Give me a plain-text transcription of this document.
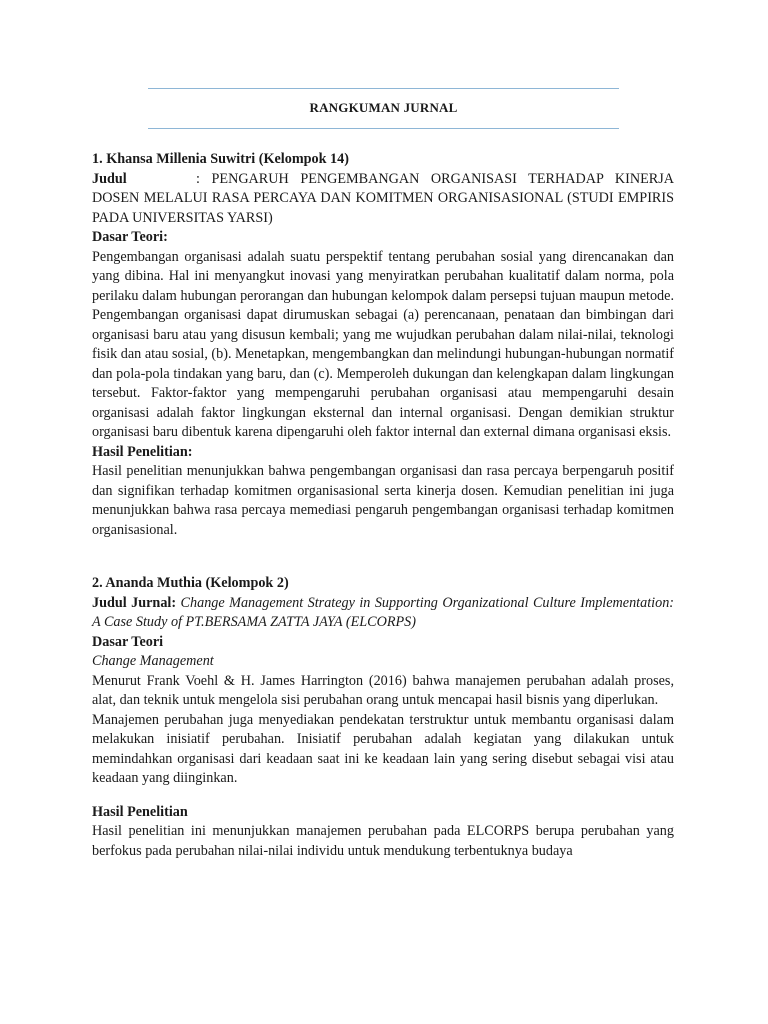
RANGKUMAN JURNAL

1. Khansa Millenia Suwitri (Kelompok 14)

Judul	: PENGARUH PENGEMBANGAN ORGANISASI TERHADAP KINERJA DOSEN MELALUI RASA PERCAYA DAN KOMITMEN ORGANISASIONAL (STUDI EMPIRIS PADA UNIVERSITAS YARSI)

Dasar Teori:

Pengembangan organisasi adalah suatu perspektif tentang perubahan sosial yang direncanakan dan yang dibina. Hal ini menyangkut inovasi yang menyiratkan perubahan kualitatif dalam norma, pola perilaku dalam hubungan perorangan dan hubungan kelompok dalam persepsi tujuan maupun metode. Pengembangan organisasi dapat dirumuskan sebagai (a) perencanaan, penataan dan bimbingan dari organisasi baru atau yang disusun kembali; yang me wujudkan perubahan dalam nilai-nilai, teknologi fisik dan atau sosial, (b). Menetapkan, mengembangkan dan melindungi hubungan-hubungan normatif dan pola-pola tindakan yang baru, dan (c). Memperoleh dukungan dan kelengkapan dalam lingkungan tersebut. Faktor-faktor yang mempengaruhi perubahan organisasi atau mempengaruhi desain organisasi adalah faktor lingkungan eksternal dan internal organisasi. Dengan demikian struktur organisasi baru dibentuk karena dipengaruhi oleh faktor internal dan external dimana organisasi eksis.

Hasil Penelitian:

Hasil penelitian menunjukkan bahwa pengembangan organisasi dan rasa percaya berpengaruh positif dan signifikan terhadap komitmen organisasional serta kinerja dosen. Kemudian penelitian ini juga menunjukkan bahwa rasa percaya memediasi pengaruh pengembangan organisasi terhadap komitmen organisasional.

2. Ananda Muthia (Kelompok 2)

Judul Jurnal: Change Management Strategy in Supporting Organizational Culture Implementation: A Case Study of PT.BERSAMA ZATTA JAYA (ELCORPS)

Dasar Teori

Change Management

Menurut Frank Voehl & H. James Harrington (2016) bahwa manajemen perubahan adalah proses, alat, dan teknik untuk mengelola sisi perubahan orang untuk mencapai hasil bisnis yang diperlukan.

Manajemen perubahan juga menyediakan pendekatan terstruktur untuk membantu organisasi dalam melakukan inisiatif perubahan. Inisiatif perubahan adalah kegiatan yang dilakukan untuk memindahkan organisasi dari keadaan saat ini ke keadaan lain yang sering disebut sebagai visi atau keadaan yang diinginkan.

Hasil Penelitian

Hasil penelitian ini menunjukkan manajemen perubahan pada ELCORPS berupa perubahan yang berfokus pada perubahan nilai-nilai individu untuk mendukung terbentuknya budaya
